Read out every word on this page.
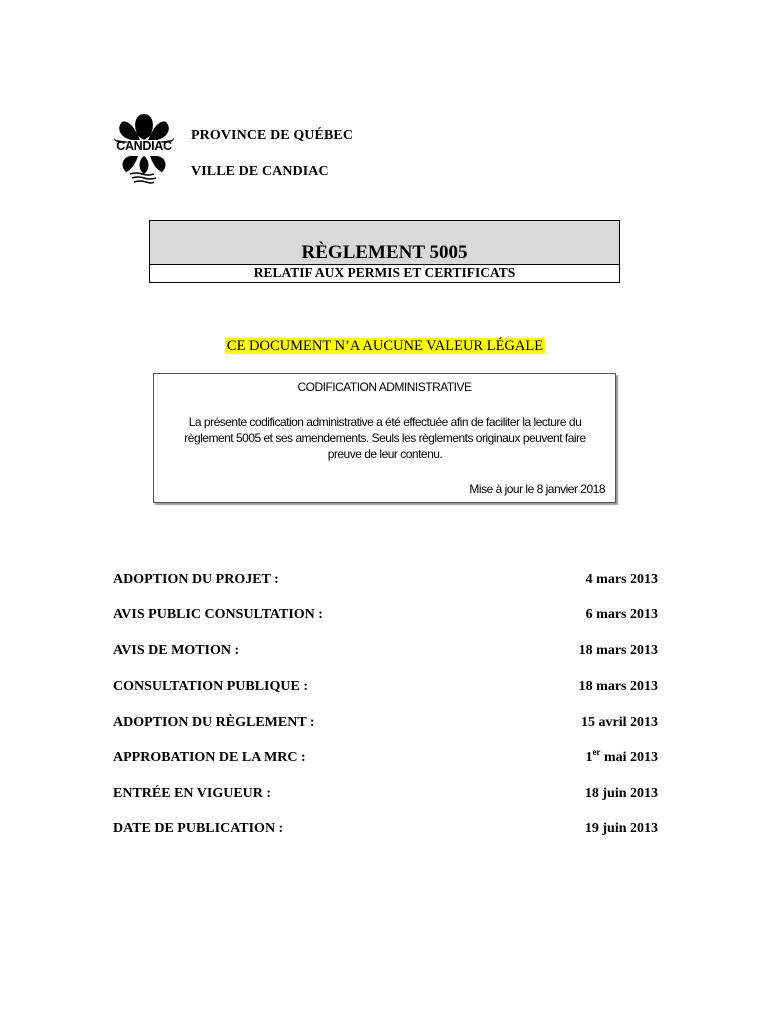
CANDIAC
PROVINCE DE QUÉBEC
VILLE DE CANDIAC
RÈGLEMENT 5005
RELATIF AUX PERMIS ET CERTIFICATS
CE DOCUMENT N’A AUCUNE VALEUR LÉGALE
CODIFICATION ADMINISTRATIVE
La présente codification administrative a été effectuée afin de faciliter la lecture du
règlement 5005 et ses amendements. Seuls les règlements originaux peuvent faire
preuve de leur contenu.
Mise à jour le 8 janvier 2018
ADOPTION DU PROJET :	4 mars 2013
AVIS PUBLIC CONSULTATION :	6 mars 2013
AVIS DE MOTION :	18 mars 2013
CONSULTATION PUBLIQUE :	18 mars 2013
ADOPTION DU RÈGLEMENT :	15 avril 2013
APPROBATION DE LA MRC :	1er mai 2013
ENTRÉE EN VIGUEUR :	18 juin 2013
DATE DE PUBLICATION :	19 juin 2013
